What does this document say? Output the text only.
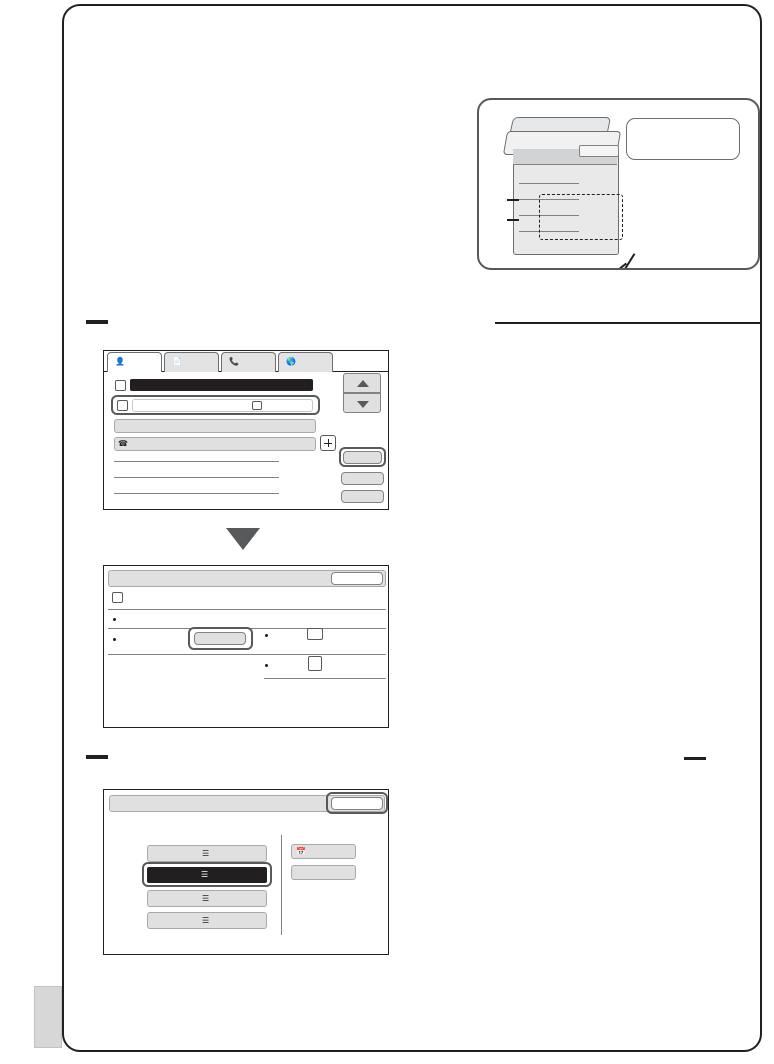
👤	📄	📞	🌎
☎
☰
☰
☰
☰
📅
